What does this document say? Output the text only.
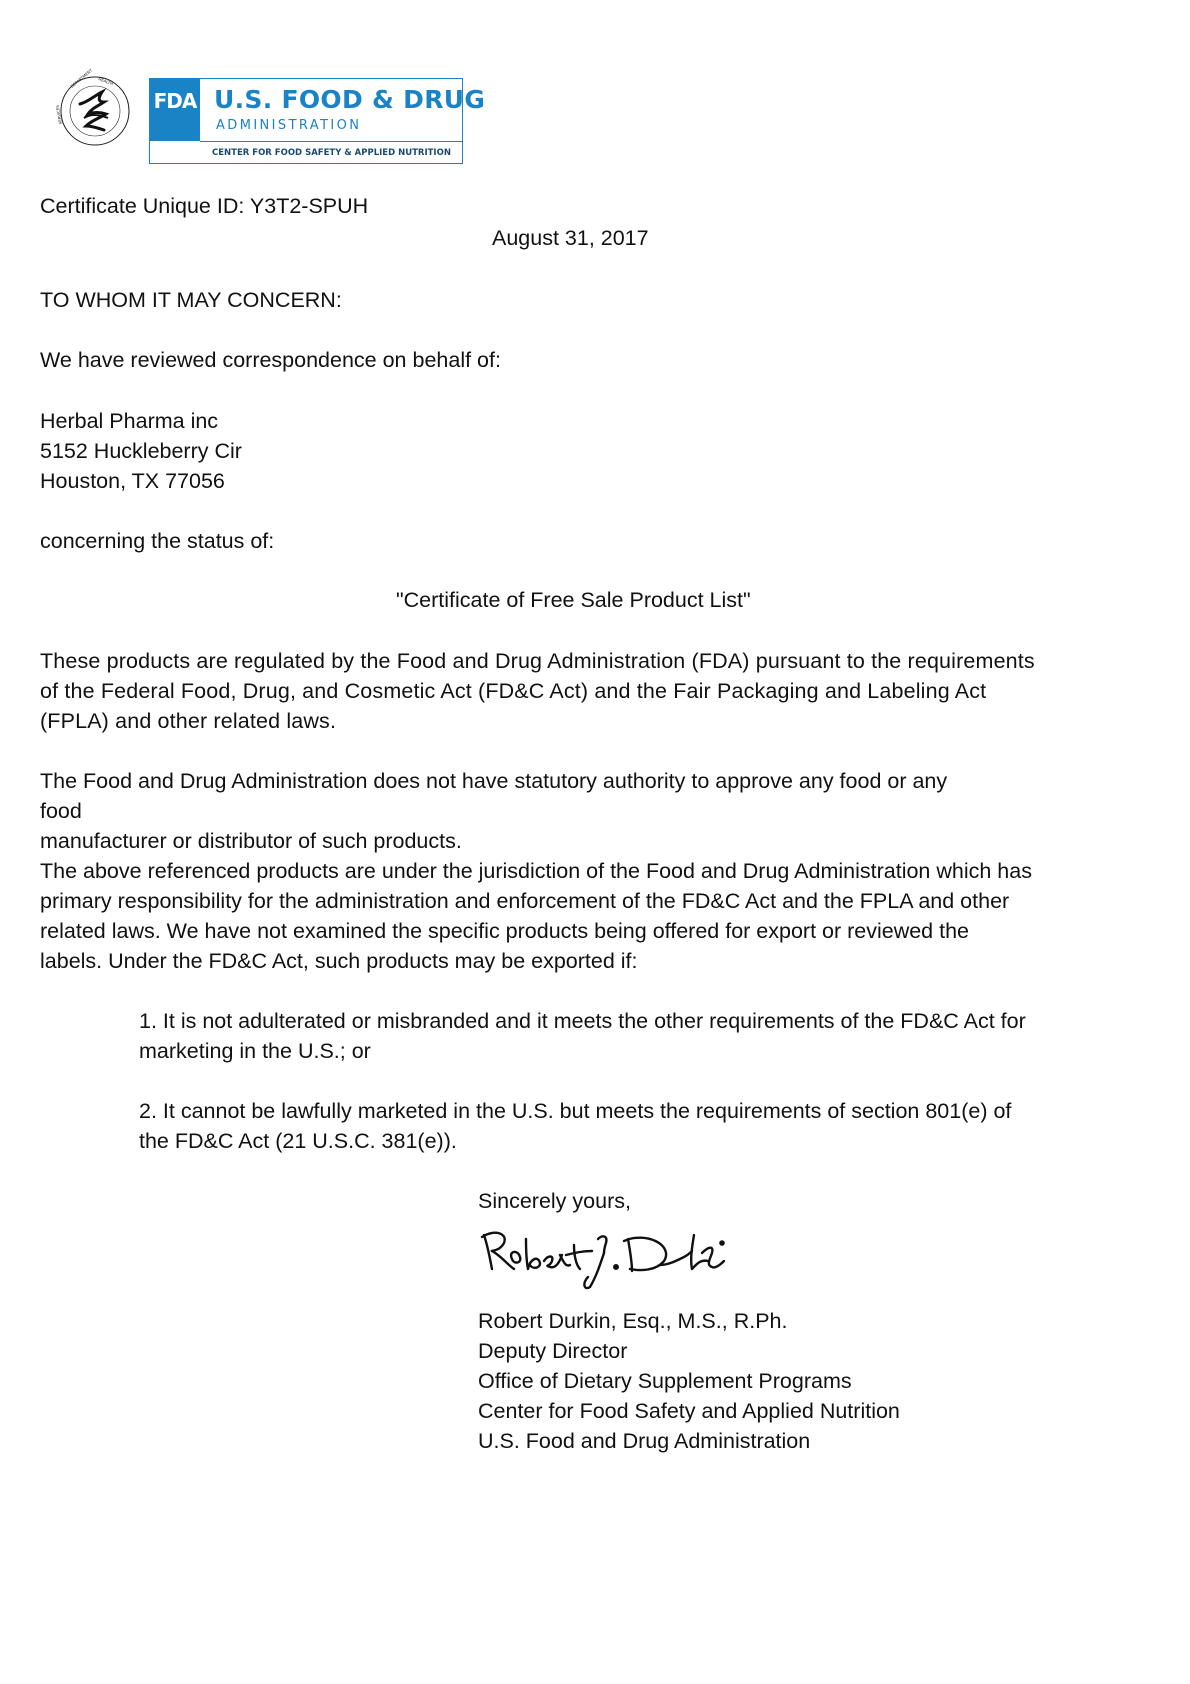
DEPARTMENT HEALTH
SERVICES
FDA U.S. FOOD & DRUG
ADMINISTRATION
CENTER FOR FOOD SAFETY & APPLIED NUTRITION
Certificate Unique ID: Y3T2-SPUH
August 31, 2017
TO WHOM IT MAY CONCERN:
We have reviewed correspondence on behalf of:
Herbal Pharma inc
5152 Huckleberry Cir
Houston, TX 77056
concerning the status of:
"Certificate of Free Sale Product List"
These products are regulated by the Food and Drug Administration (FDA) pursuant to the requirements
of the Federal Food, Drug, and Cosmetic Act (FD&C Act) and the Fair Packaging and Labeling Act
(FPLA) and other related laws.
The Food and Drug Administration does not have statutory authority to approve any food or any
food
manufacturer or distributor of such products.
The above referenced products are under the jurisdiction of the Food and Drug Administration which has
primary responsibility for the administration and enforcement of the FD&C Act and the FPLA and other
related laws. We have not examined the specific products being offered for export or reviewed the
labels. Under the FD&C Act, such products may be exported if:
1. It is not adulterated or misbranded and it meets the other requirements of the FD&C Act for
marketing in the U.S.; or
2. It cannot be lawfully marketed in the U.S. but meets the requirements of section 801(e) of
the FD&C Act (21 U.S.C. 381(e)).
Sincerely yours,
Robert Durkin, Esq., M.S., R.Ph.
Deputy Director
Office of Dietary Supplement Programs
Center for Food Safety and Applied Nutrition
U.S. Food and Drug Administration
